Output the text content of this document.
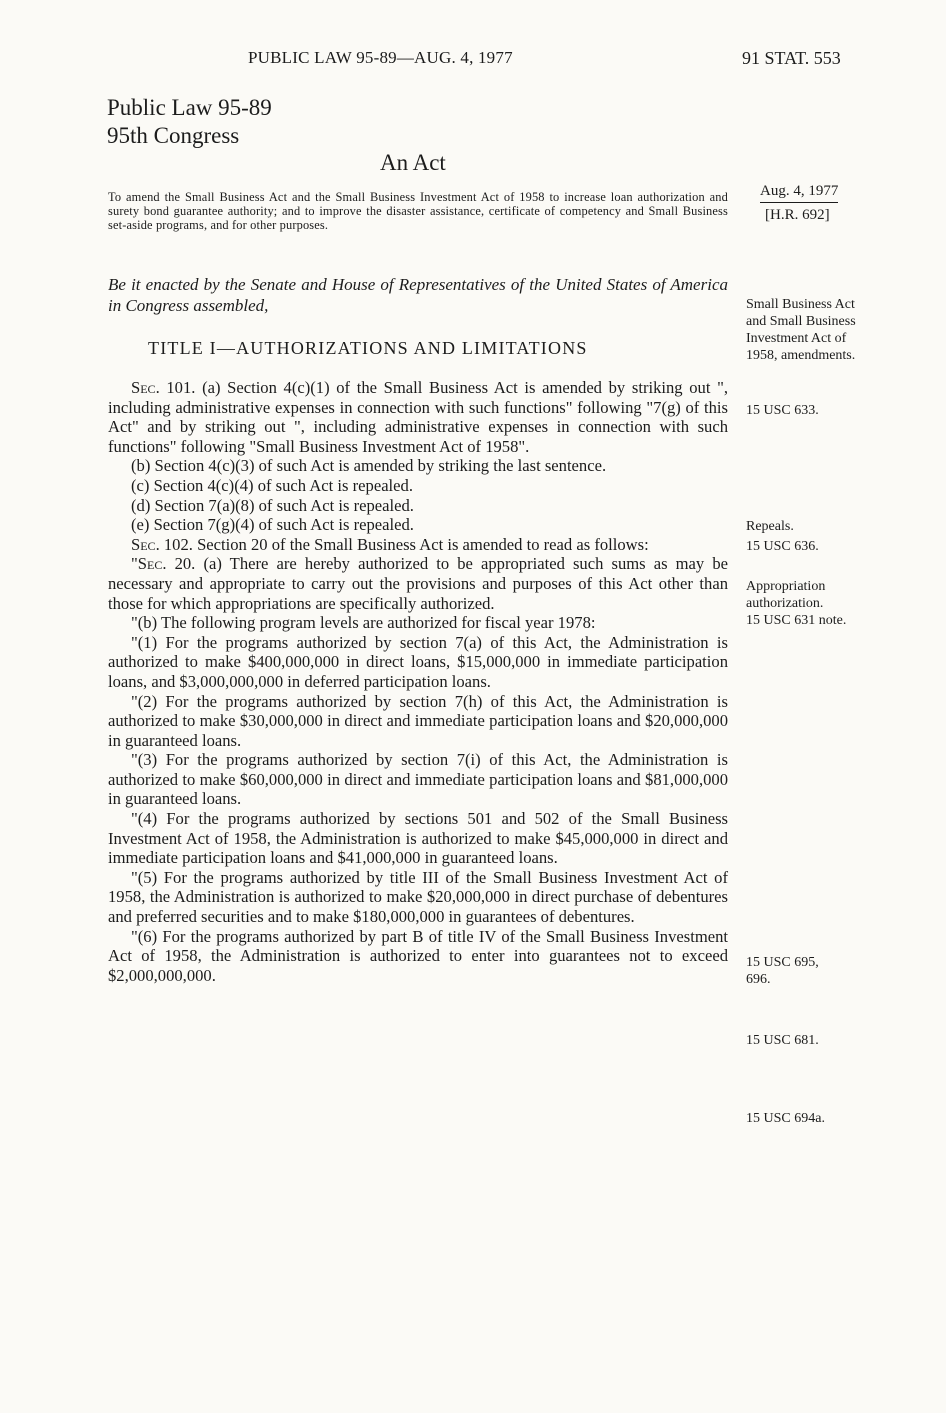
PUBLIC LAW 95-89—AUG. 4, 1977	91 STAT. 553
Public Law 95-89
95th Congress
An Act
To amend the Small Business Act and the Small Business Investment Act of 1958 to increase loan authorization and surety bond guarantee authority; and to improve the disaster assistance, certificate of competency and Small Business set-aside programs, and for other purposes.
Aug. 4, 1977
[H.R. 692]
Be it enacted by the Senate and House of Representatives of the United States of America in Congress assembled,
TITLE I—AUTHORIZATIONS AND LIMITATIONS

Sec. 101. (a) Section 4(c)(1) of the Small Business Act is amended by striking out ", including administrative expenses in connection with such functions" following "7(g) of this Act" and by striking out ", including administrative expenses in connection with such functions" following "Small Business Investment Act of 1958".

(b) Section 4(c)(3) of such Act is amended by striking the last sentence.

(c) Section 4(c)(4) of such Act is repealed.

(d) Section 7(a)(8) of such Act is repealed.

(e) Section 7(g)(4) of such Act is repealed.

Sec. 102. Section 20 of the Small Business Act is amended to read as follows:

"Sec. 20. (a) There are hereby authorized to be appropriated such sums as may be necessary and appropriate to carry out the provisions and purposes of this Act other than those for which appropriations are specifically authorized.

"(b) The following program levels are authorized for fiscal year 1978:

"(1) For the programs authorized by section 7(a) of this Act, the Administration is authorized to make $400,000,000 in direct loans, $15,000,000 in immediate participation loans, and $3,000,000,000 in deferred participation loans.

"(2) For the programs authorized by section 7(h) of this Act, the Administration is authorized to make $30,000,000 in direct and immediate participation loans and $20,000,000 in guaranteed loans.

"(3) For the programs authorized by section 7(i) of this Act, the Administration is authorized to make $60,000,000 in direct and immediate participation loans and $81,000,000 in guaranteed loans.

"(4) For the programs authorized by sections 501 and 502 of the Small Business Investment Act of 1958, the Administration is authorized to make $45,000,000 in direct and immediate participation loans and $41,000,000 in guaranteed loans.

"(5) For the programs authorized by title III of the Small Business Investment Act of 1958, the Administration is authorized to make $20,000,000 in direct purchase of debentures and preferred securities and to make $180,000,000 in guarantees of debentures.

"(6) For the programs authorized by part B of title IV of the Small Business Investment Act of 1958, the Administration is authorized to enter into guarantees not to exceed $2,000,000,000.

Small Business Act and Small Business Investment Act of 1958, amendments.
15 USC 633.
Repeals.
15 USC 636.
Appropriation authorization.
15 USC 631 note.
15 USC 695, 696.
15 USC 681.
15 USC 694a.
